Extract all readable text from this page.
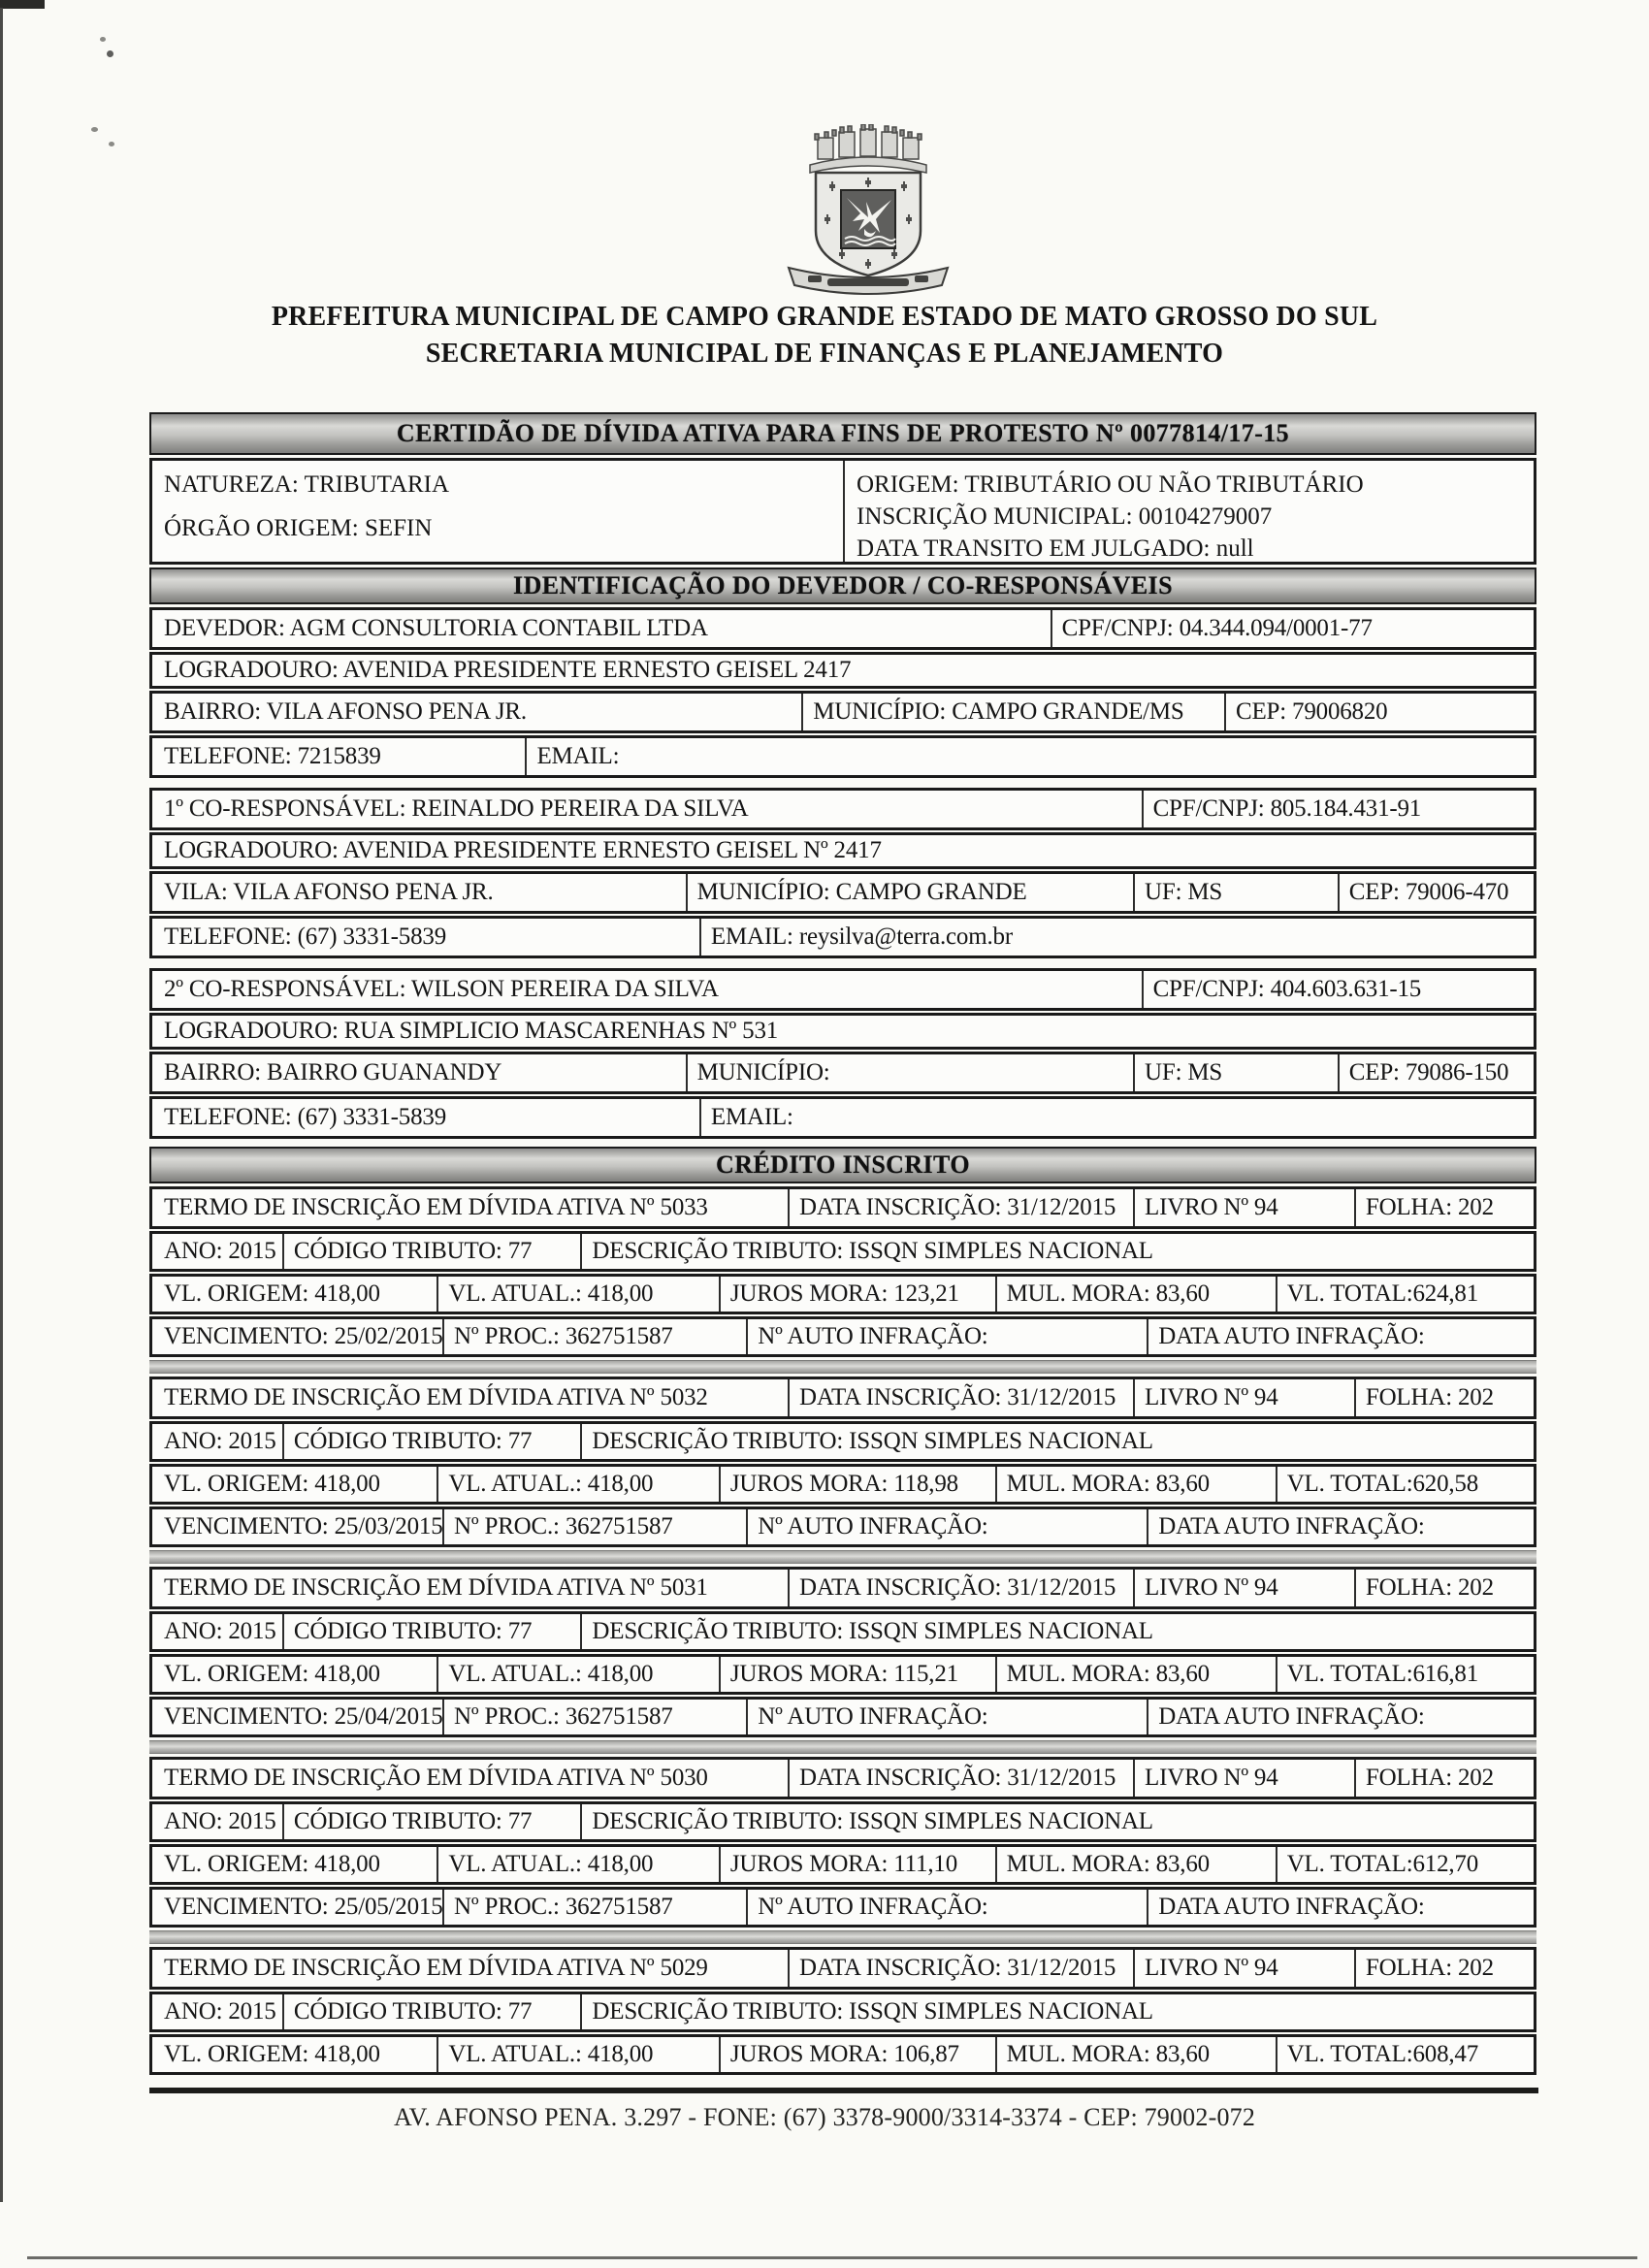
PREFEITURA MUNICIPAL DE CAMPO GRANDE ESTADO DE MATO GROSSO DO SUL
SECRETARIA MUNICIPAL DE FINANÇAS E PLANEJAMENTO
CERTIDÃO DE DÍVIDA ATIVA PARA FINS DE PROTESTO Nº 0077814/17-15
NATUREZA: TRIBUTARIA
ÓRGÃO ORIGEM: SEFIN
ORIGEM: TRIBUTÁRIO OU NÃO TRIBUTÁRIO
INSCRIÇÃO MUNICIPAL: 00104279007
DATA TRANSITO EM JULGADO: null
IDENTIFICAÇÃO DO DEVEDOR / CO-RESPONSÁVEIS
DEVEDOR: AGM CONSULTORIA CONTABIL LTDA	CPF/CNPJ: 04.344.094/0001-77
LOGRADOURO: AVENIDA PRESIDENTE ERNESTO GEISEL 2417
BAIRRO: VILA AFONSO PENA JR.	MUNICÍPIO: CAMPO GRANDE/MS	CEP: 79006820
TELEFONE: 7215839	EMAIL:
1º CO-RESPONSÁVEL: REINALDO PEREIRA DA SILVA	CPF/CNPJ: 805.184.431-91
LOGRADOURO: AVENIDA PRESIDENTE ERNESTO GEISEL Nº 2417
VILA: VILA AFONSO PENA JR.	MUNICÍPIO: CAMPO GRANDE	UF: MS	CEP: 79006-470
TELEFONE: (67) 3331-5839	EMAIL: reysilva@terra.com.br
2º CO-RESPONSÁVEL: WILSON PEREIRA DA SILVA	CPF/CNPJ: 404.603.631-15
LOGRADOURO: RUA SIMPLICIO MASCARENHAS Nº 531
BAIRRO: BAIRRO GUANANDY	MUNICÍPIO:	UF: MS	CEP: 79086-150
TELEFONE: (67) 3331-5839	EMAIL:
CRÉDITO INSCRITO
TERMO DE INSCRIÇÃO EM DÍVIDA ATIVA Nº 5033	DATA INSCRIÇÃO: 31/12/2015	LIVRO Nº 94	FOLHA: 202
ANO: 2015 CÓDIGO TRIBUTO: 77	DESCRIÇÃO TRIBUTO: ISSQN SIMPLES NACIONAL
VL. ORIGEM: 418,00	VL. ATUAL.: 418,00	JUROS MORA: 123,21	MUL. MORA: 83,60	VL. TOTAL:624,81
VENCIMENTO: 25/02/2015 Nº PROC.: 362751587	Nº AUTO INFRAÇÃO:	DATA AUTO INFRAÇÃO:
TERMO DE INSCRIÇÃO EM DÍVIDA ATIVA Nº 5032	DATA INSCRIÇÃO: 31/12/2015	LIVRO Nº 94	FOLHA: 202
ANO: 2015 CÓDIGO TRIBUTO: 77	DESCRIÇÃO TRIBUTO: ISSQN SIMPLES NACIONAL
VL. ORIGEM: 418,00	VL. ATUAL.: 418,00	JUROS MORA: 118,98	MUL. MORA: 83,60	VL. TOTAL:620,58
VENCIMENTO: 25/03/2015 Nº PROC.: 362751587	Nº AUTO INFRAÇÃO:	DATA AUTO INFRAÇÃO:
TERMO DE INSCRIÇÃO EM DÍVIDA ATIVA Nº 5031	DATA INSCRIÇÃO: 31/12/2015	LIVRO Nº 94	FOLHA: 202
ANO: 2015 CÓDIGO TRIBUTO: 77	DESCRIÇÃO TRIBUTO: ISSQN SIMPLES NACIONAL
VL. ORIGEM: 418,00	VL. ATUAL.: 418,00	JUROS MORA: 115,21	MUL. MORA: 83,60	VL. TOTAL:616,81
VENCIMENTO: 25/04/2015 Nº PROC.: 362751587	Nº AUTO INFRAÇÃO:	DATA AUTO INFRAÇÃO:
TERMO DE INSCRIÇÃO EM DÍVIDA ATIVA Nº 5030	DATA INSCRIÇÃO: 31/12/2015	LIVRO Nº 94	FOLHA: 202
ANO: 2015 CÓDIGO TRIBUTO: 77	DESCRIÇÃO TRIBUTO: ISSQN SIMPLES NACIONAL
VL. ORIGEM: 418,00	VL. ATUAL.: 418,00	JUROS MORA: 111,10	MUL. MORA: 83,60	VL. TOTAL:612,70
VENCIMENTO: 25/05/2015 Nº PROC.: 362751587	Nº AUTO INFRAÇÃO:	DATA AUTO INFRAÇÃO:
TERMO DE INSCRIÇÃO EM DÍVIDA ATIVA Nº 5029	DATA INSCRIÇÃO: 31/12/2015	LIVRO Nº 94	FOLHA: 202
ANO: 2015 CÓDIGO TRIBUTO: 77	DESCRIÇÃO TRIBUTO: ISSQN SIMPLES NACIONAL
VL. ORIGEM: 418,00	VL. ATUAL.: 418,00	JUROS MORA: 106,87	MUL. MORA: 83,60	VL. TOTAL:608,47
AV. AFONSO PENA. 3.297 - FONE: (67) 3378-9000/3314-3374 - CEP: 79002-072
